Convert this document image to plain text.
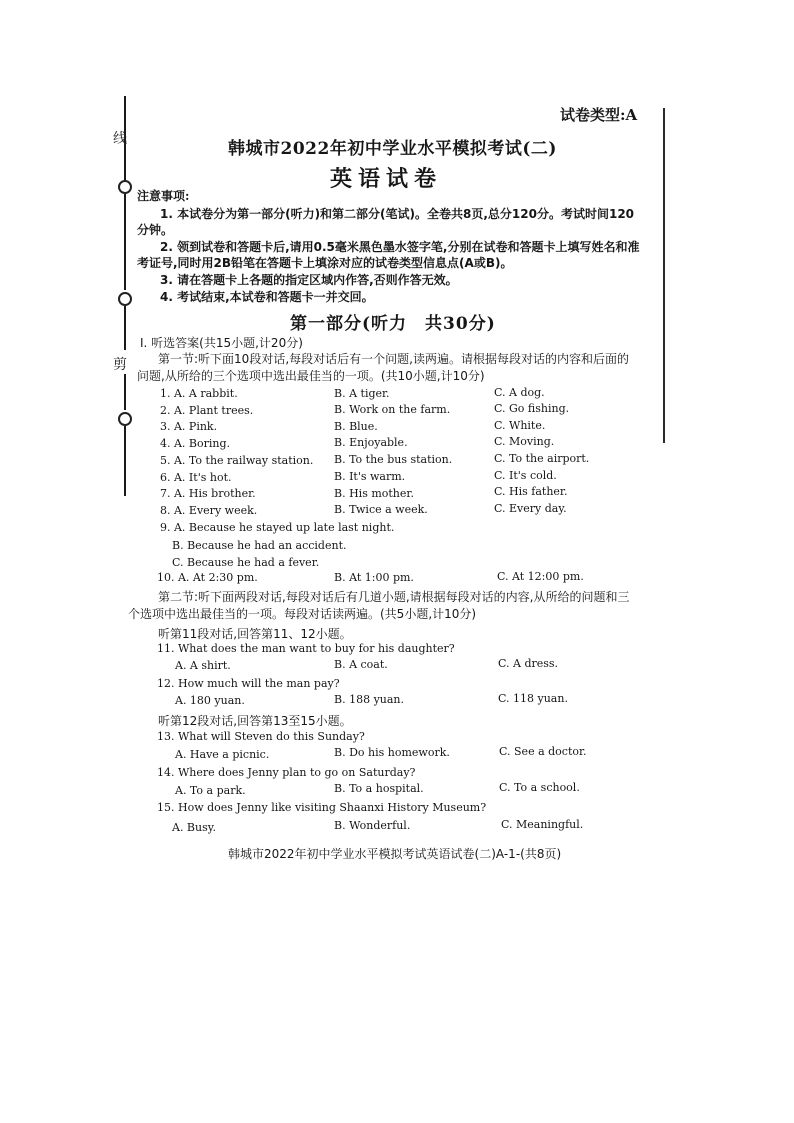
线
剪
试卷类型:A
韩城市2022年初中学业水平模拟考试(二)
英语试卷
注意事项:
1. 本试卷分为第一部分(听力)和第二部分(笔试)。全卷共8页,总分120分。考试时间120
分钟。
2. 领到试卷和答题卡后,请用0.5毫米黑色墨水签字笔,分别在试卷和答题卡上填写姓名和准
考证号,同时用2B铅笔在答题卡上填涂对应的试卷类型信息点(A或B)。
3. 请在答题卡上各题的指定区域内作答,否则作答无效。
4. 考试结束,本试卷和答题卡一并交回。
第一部分(听力　共30分)
I. 听选答案(共15小题,计20分)
第一节:听下面10段对话,每段对话后有一个问题,读两遍。请根据每段对话的内容和后面的
问题,从所给的三个选项中选出最佳当的一项。(共10小题,计10分)
1. A. A rabbit.	B. A tiger.	C. A dog.
2. A. Plant trees.	B. Work on the farm.	C. Go fishing.
3. A. Pink.	B. Blue.	C. White.
4. A. Boring.	B. Enjoyable.	C. Moving.
5. A. To the railway station. B. To the bus station.	C. To the airport.
6. A. It's hot.	B. It's warm.	C. It's cold.
7. A. His brother.	B. His mother.	C. His father.
8. A. Every week.	B. Twice a week.	C. Every day.
9. A. Because he stayed up late last night.
B. Because he had an accident.
C. Because he had a fever.
10. A. At 2:30 pm.	B. At 1:00 pm.	C. At 12:00 pm.
第二节:听下面两段对话,每段对话后有几道小题,请根据每段对话的内容,从所给的问题和三
个选项中选出最佳当的一项。每段对话读两遍。(共5小题,计10分)
听第11段对话,回答第11、12小题。
11. What does the man want to buy for his daughter?
A. A shirt.	B. A coat.	C. A dress.
12. How much will the man pay?
A. 180 yuan.	B. 188 yuan.	C. 118 yuan.
听第12段对话,回答第13至15小题。
13. What will Steven do this Sunday?
A. Have a picnic.	B. Do his homework.	C. See a doctor.
14. Where does Jenny plan to go on Saturday?
A. To a park.	B. To a hospital.	C. To a school.
15. How does Jenny like visiting Shaanxi History Museum?
A. Busy.	B. Wonderful.	C. Meaningful.
韩城市2022年初中学业水平模拟考试英语试卷(二)A-1-(共8页)
